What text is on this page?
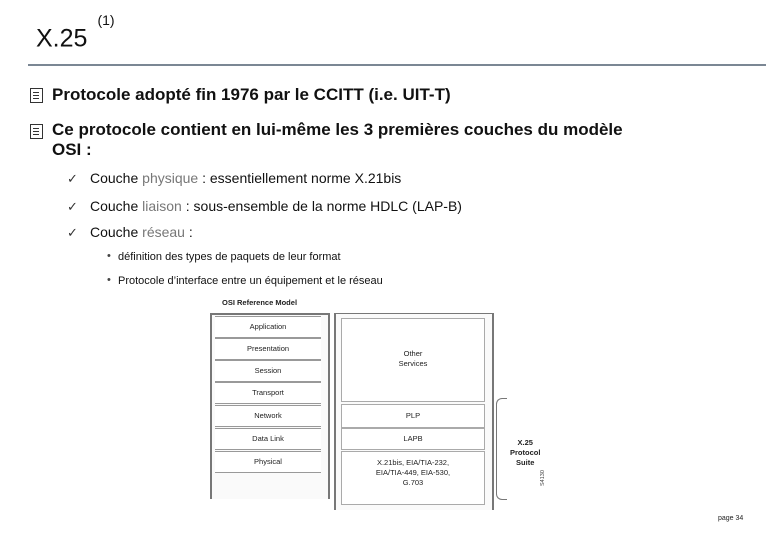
X.25$^{(1)}$
Protocole adopté fin 1976 par le CCITT (i.e. UIT-T)
Ce protocole contient en lui-même les 3 premières couches du modèle
OSI :
✓ Couche physique : essentiellement norme X.21bis
✓ Couche liaison : sous-ensemble de la norme HDLC (LAP-B)
✓ Couche réseau :
• définition des types de paquets de leur format
• Protocole d’interface entre un équipement et le réseau
OSI Reference Model
Application
Presentation
Session
Transport
Network
Data Link
Physical
Other
Services
PLP
LAPB
X.21bis, EIA/TIA-232,
EIA/TIA-449, EIA-530,
G.703
X.25
Protocol
Suite
S4130
page 34
